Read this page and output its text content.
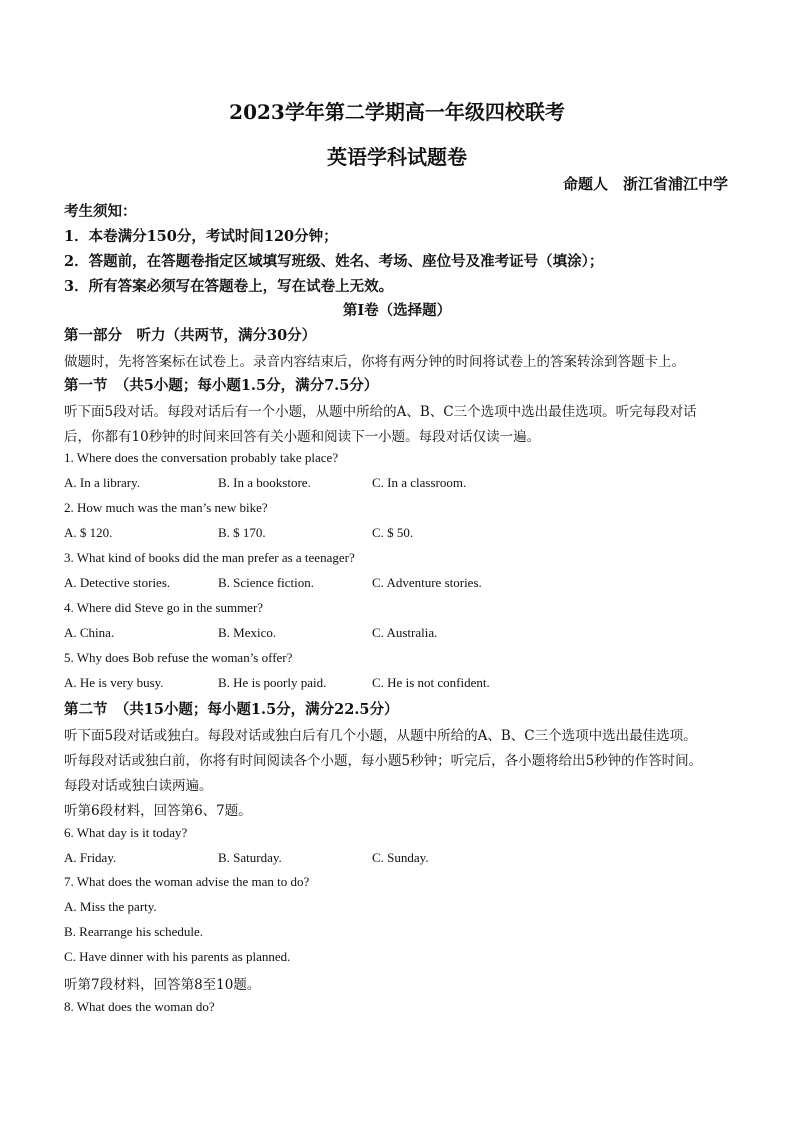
2023学年第二学期高一年级四校联考
英语学科试题卷
命题人　浙江省浦江中学
考生须知：
1．本卷满分150分，考试时间120分钟；
2．答题前，在答题卷指定区域填写班级、姓名、考场、座位号及准考证号（填涂）；
3．所有答案必须写在答题卷上，写在试卷上无效。
第Ⅰ卷（选择题）
第一部分　听力（共两节，满分30分）
做题时，先将答案标在试卷上。录音内容结束后，你将有两分钟的时间将试卷上的答案转涂到答题卡上。
第一节　（共5小题；每小题1.5分，满分7.5分）
听下面5段对话。每段对话后有一个小题，从题中所给的A、B、C三个选项中选出最佳选项。听完每段对话
后，你都有10秒钟的时间来回答有关小题和阅读下一小题。每段对话仅读一遍。
1. Where does the conversation probably take place?
A. In a library.	B. In a bookstore.	C. In a classroom.
2. How much was the man’s new bike?
A. $ 120.	B. $ 170.	C. $ 50.
3. What kind of books did the man prefer as a teenager?
A. Detective stories.	B. Science fiction.	C. Adventure stories.
4. Where did Steve go in the summer?
A. China.	B. Mexico.	C. Australia.
5. Why does Bob refuse the woman’s offer?
A. He is very busy.	B. He is poorly paid.	C. He is not confident.
第二节　（共15小题；每小题1.5分，满分22.5分）
听下面5段对话或独白。每段对话或独白后有几个小题，从题中所给的A、B、C三个选项中选出最佳选项。
听每段对话或独白前，你将有时间阅读各个小题，每小题5秒钟；听完后，各小题将给出5秒钟的作答时间。
每段对话或独白读两遍。
听第6段材料，回答第6、7题。
6. What day is it today?
A. Friday.	B. Saturday.	C. Sunday.
7. What does the woman advise the man to do?
A. Miss the party.
B. Rearrange his schedule.
C. Have dinner with his parents as planned.
听第7段材料，回答第8至10题。
8. What does the woman do?
